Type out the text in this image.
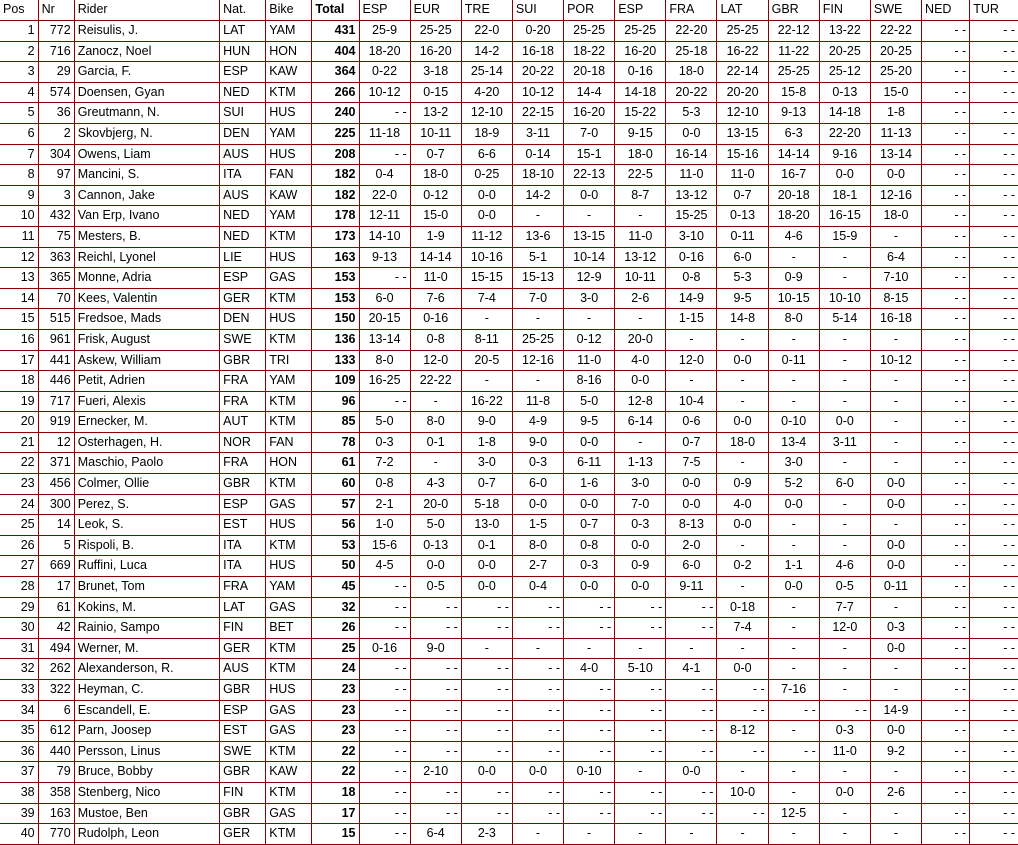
Pos	Nr	Rider	Nat.	Bike	Total	ESP	EUR	TRE	SUI	POR	ESP	FRA	LAT	GBR	FIN	SWE	NED	TUR
1	772	Reisulis, J.	LAT	YAM	431	25-9	25-25	22-0	0-20	25-25	25-25	22-20	25-25	22-12	13-22	22-22	- -	- -
2	716	Zanocz, Noel	HUN	HON	404	18-20	16-20	14-2	16-18	18-22	16-20	25-18	16-22	11-22	20-25	20-25	- -	- -
3	29	Garcia, F.	ESP	KAW	364	0-22	3-18	25-14	20-22	20-18	0-16	18-0	22-14	25-25	25-12	25-20	- -	- -
4	574	Doensen, Gyan	NED	KTM	266	10-12	0-15	4-20	10-12	14-4	14-18	20-22	20-20	15-8	0-13	15-0	- -	- -
5	36	Greutmann, N.	SUI	HUS	240	- -	13-2	12-10	22-15	16-20	15-22	5-3	12-10	9-13	14-18	1-8	- -	- -
6	2	Skovbjerg, N.	DEN	YAM	225	11-18	10-11	18-9	3-11	7-0	9-15	0-0	13-15	6-3	22-20	11-13	- -	- -
7	304	Owens, Liam	AUS	HUS	208	- -	0-7	6-6	0-14	15-1	18-0	16-14	15-16	14-14	9-16	13-14	- -	- -
8	97	Mancini, S.	ITA	FAN	182	0-4	18-0	0-25	18-10	22-13	22-5	11-0	11-0	16-7	0-0	0-0	- -	- -
9	3	Cannon, Jake	AUS	KAW	182	22-0	0-12	0-0	14-2	0-0	8-7	13-12	0-7	20-18	18-1	12-16	- -	- -
10	432	Van Erp, Ivano	NED	YAM	178	12-11	15-0	0-0	-	-	-	15-25	0-13	18-20	16-15	18-0	- -	- -
11	75	Mesters, B.	NED	KTM	173	14-10	1-9	11-12	13-6	13-15	11-0	3-10	0-11	4-6	15-9	-	- -	- -
12	363	Reichl, Lyonel	LIE	HUS	163	9-13	14-14	10-16	5-1	10-14	13-12	0-16	6-0	-	-	6-4	- -	- -
13	365	Monne, Adria	ESP	GAS	153	- -	11-0	15-15	15-13	12-9	10-11	0-8	5-3	0-9	-	7-10	- -	- -
14	70	Kees, Valentin	GER	KTM	153	6-0	7-6	7-4	7-0	3-0	2-6	14-9	9-5	10-15	10-10	8-15	- -	- -
15	515	Fredsoe, Mads	DEN	HUS	150	20-15	0-16	-	-	-	-	1-15	14-8	8-0	5-14	16-18	- -	- -
16	961	Frisk, August	SWE	KTM	136	13-14	0-8	8-11	25-25	0-12	20-0	-	-	-	-	-	- -	- -
17	441	Askew, William	GBR	TRI	133	8-0	12-0	20-5	12-16	11-0	4-0	12-0	0-0	0-11	-	10-12	- -	- -
18	446	Petit, Adrien	FRA	YAM	109	16-25	22-22	-	-	8-16	0-0	-	-	-	-	-	- -	- -
19	717	Fueri, Alexis	FRA	KTM	96	- -	-	16-22	11-8	5-0	12-8	10-4	-	-	-	-	- -	- -
20	919	Ernecker, M.	AUT	KTM	85	5-0	8-0	9-0	4-9	9-5	6-14	0-6	0-0	0-10	0-0	-	- -	- -
21	12	Osterhagen, H.	NOR	FAN	78	0-3	0-1	1-8	9-0	0-0	-	0-7	18-0	13-4	3-11	-	- -	- -
22	371	Maschio, Paolo	FRA	HON	61	7-2	-	3-0	0-3	6-11	1-13	7-5	-	3-0	-	-	- -	- -
23	456	Colmer, Ollie	GBR	KTM	60	0-8	4-3	0-7	6-0	1-6	3-0	0-0	0-9	5-2	6-0	0-0	- -	- -
24	300	Perez, S.	ESP	GAS	57	2-1	20-0	5-18	0-0	0-0	7-0	0-0	4-0	0-0	-	0-0	- -	- -
25	14	Leok, S.	EST	HUS	56	1-0	5-0	13-0	1-5	0-7	0-3	8-13	0-0	-	-	-	- -	- -
26	5	Rispoli, B.	ITA	KTM	53	15-6	0-13	0-1	8-0	0-8	0-0	2-0	-	-	-	0-0	- -	- -
27	669	Ruffini, Luca	ITA	HUS	50	4-5	0-0	0-0	2-7	0-3	0-9	6-0	0-2	1-1	4-6	0-0	- -	- -
28	17	Brunet, Tom	FRA	YAM	45	- -	0-5	0-0	0-4	0-0	0-0	9-11	-	0-0	0-5	0-11	- -	- -
29	61	Kokins, M.	LAT	GAS	32	- -	- -	- -	- -	- -	- -	- -	0-18	-	7-7	-	- -	- -
30	42	Rainio, Sampo	FIN	BET	26	- -	- -	- -	- -	- -	- -	- -	7-4	-	12-0	0-3	- -	- -
31	494	Werner, M.	GER	KTM	25	0-16	9-0	-	-	-	-	-	-	-	-	0-0	- -	- -
32	262	Alexanderson, R.	AUS	KTM	24	- -	- -	- -	- -	4-0	5-10	4-1	0-0	-	-	-	- -	- -
33	322	Heyman, C.	GBR	HUS	23	- -	- -	- -	- -	- -	- -	- -	- -	7-16	-	-	- -	- -
34	6	Escandell, E.	ESP	GAS	23	- -	- -	- -	- -	- -	- -	- -	- -	- -	- -	14-9	- -	- -
35	612	Parn, Joosep	EST	GAS	23	- -	- -	- -	- -	- -	- -	- -	8-12	-	0-3	0-0	- -	- -
36	440	Persson, Linus	SWE	KTM	22	- -	- -	- -	- -	- -	- -	- -	- -	- -	11-0	9-2	- -	- -
37	79	Bruce, Bobby	GBR	KAW	22	- -	2-10	0-0	0-0	0-10	-	0-0	-	-	-	-	- -	- -
38	358	Stenberg, Nico	FIN	KTM	18	- -	- -	- -	- -	- -	- -	- -	10-0	-	0-0	2-6	- -	- -
39	163	Mustoe, Ben	GBR	GAS	17	- -	- -	- -	- -	- -	- -	- -	- -	12-5	-	-	- -	- -
40	770	Rudolph, Leon	GER	KTM	15	- -	6-4	2-3	-	-	-	-	-	-	-	-	- -	- -
